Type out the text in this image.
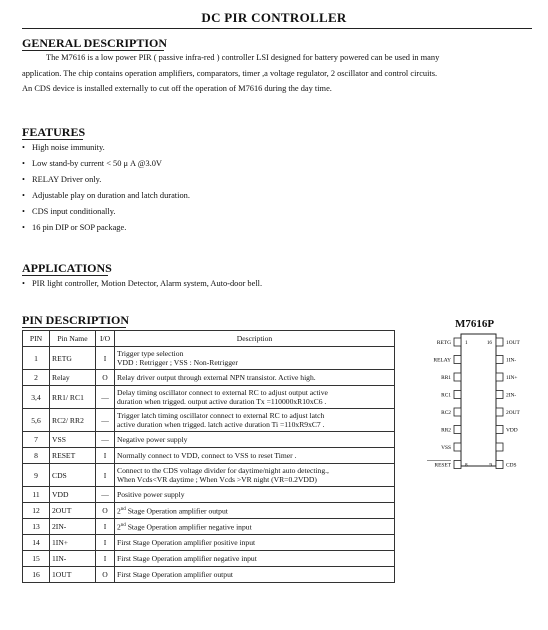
DC PIR CONTROLLER
GENERAL DESCRIPTION
The M7616 is a low power PIR ( passive infra-red ) controller LSI designed for battery powered can be used in many
application. The chip contains operation amplifiers, comparators, timer ,a voltage regulator, 2 oscillator and control circuits.
An CDS device is installed externally to cut off the operation of M7616 during the day time.
FEATURES
• High noise immunity.
• Low stand-by current < 50 μ A @3.0V
• RELAY Driver only.
• Adjustable play on duration and latch duration.
• CDS input conditionally.
• 16 pin DIP or SOP package.
APPLICATIONS
• PIR light controller, Motion Detector, Alarm system, Auto-door bell.
PIN DESCRIPTION
PIN	Pin Name	I/O	Description
1	RETG	I	Trigger type selection
VDD : Retrigger ; VSS : Non-Retrigger

2	Relay	O	Relay driver output through external NPN transistor. Active high.

3,4	RR1/ RC1	—	Delay timing oscillator connect to external RC to adjust output active
duration when trigged. output active duration Tx =110000xR10xC6 .

5,6	RC2/ RR2	—	Trigger latch timing oscillator connect to external RC to adjust latch
active duration when trigged. latch active duration Ti =110xR9xC7 .

7	VSS	—	Negative power supply

8	RESET	I	Normally connect to VDD, connect to VSS to reset Timer .

9	CDS	I	Connect to the CDS voltage divider for daytime/night auto detecting.,
When Vcds<VR daytime ; When Vcds >VR night (VR=0.2VDD)

11	VDD	—	Positive power supply

12	2OUT	O	2nd Stage Operation amplifier output

13	2IN-	I	2nd Stage Operation amplifier negative input

14	1IN+	I	First Stage Operation amplifier positive input

15	1IN-	I	First Stage Operation amplifier negative input

16	1OUT	O	First Stage Operation amplifier output
M7616P
RETG
RELAY
RR1
RC1
RC2
RR2
VSS
RESET
1OUT
1IN-
1IN+
2IN-
2OUT
VDD
CDS
1	16
8	9
